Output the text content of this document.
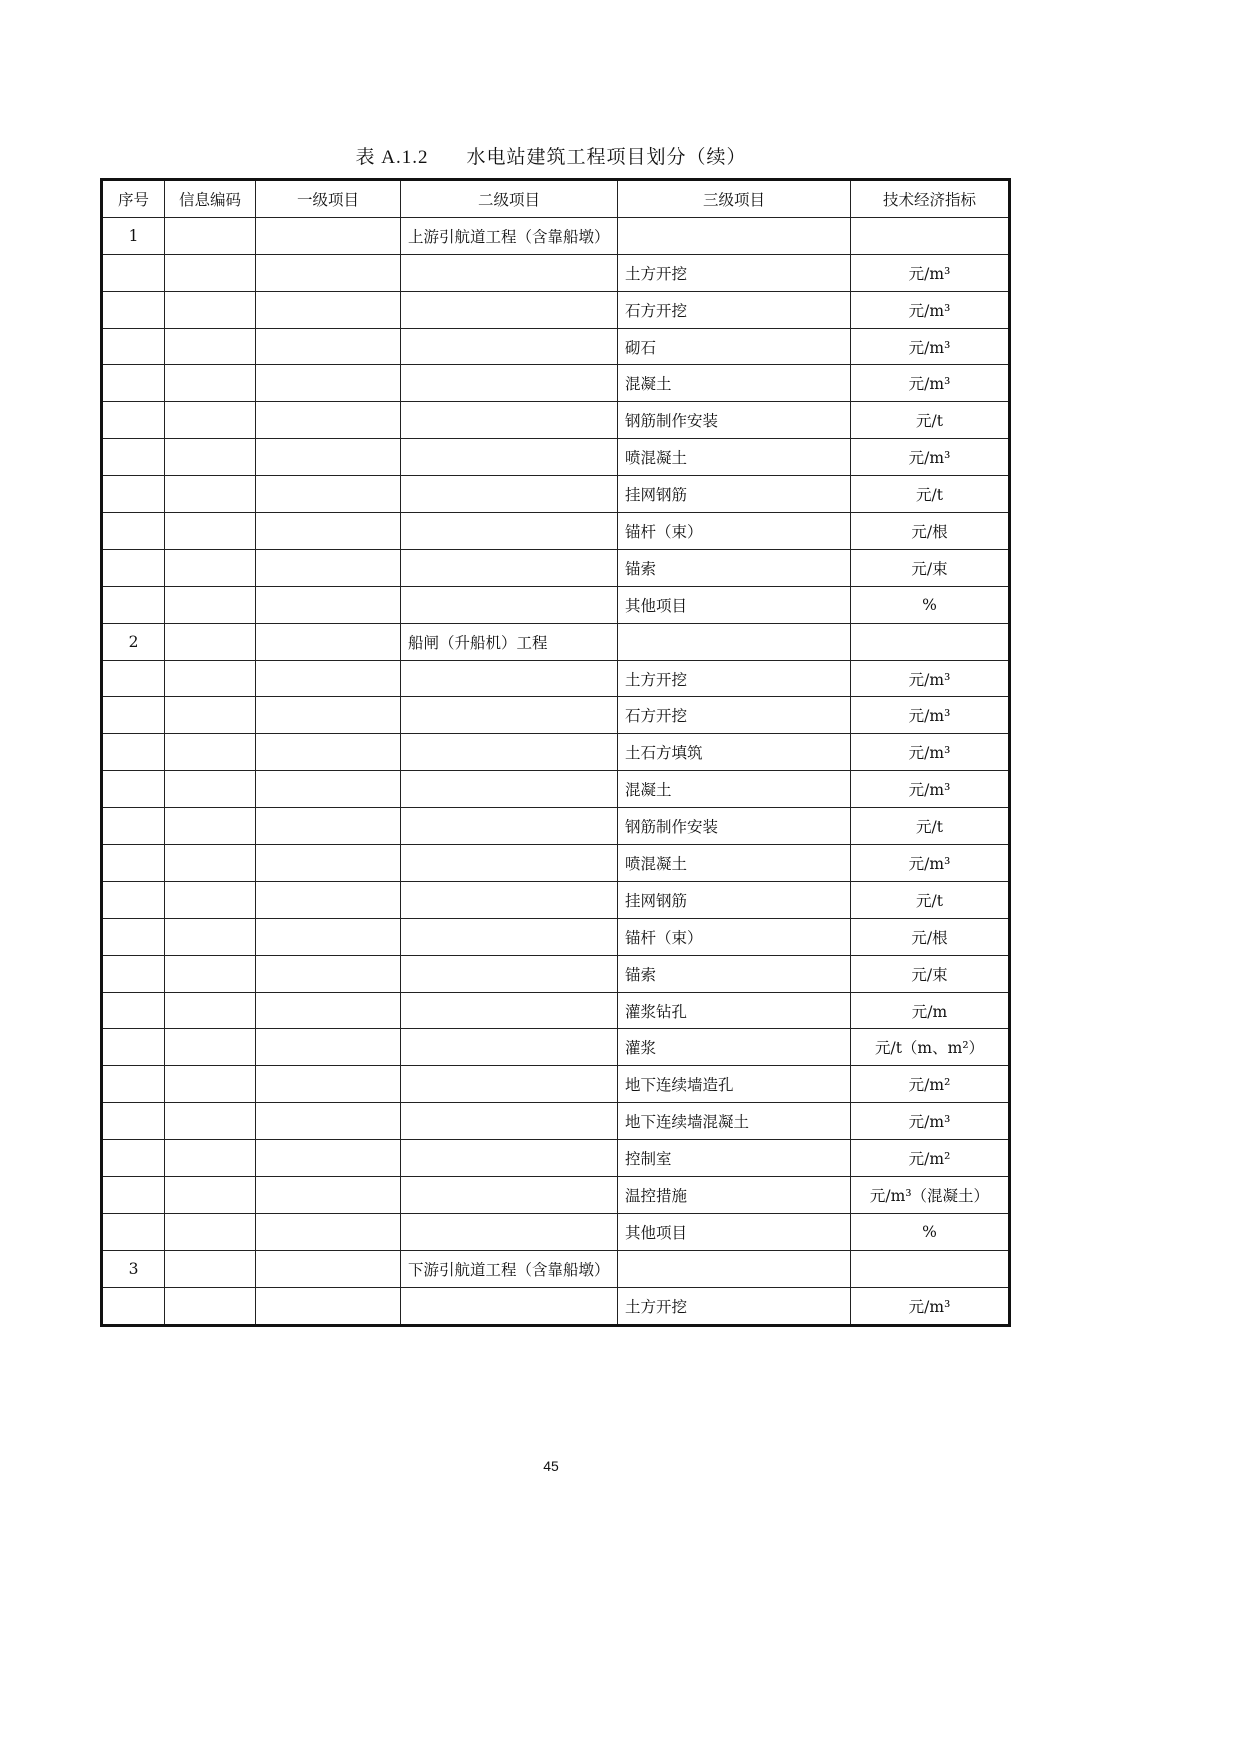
表 A.1.2 水电站建筑工程项目划分（续）
序号	信息编码	一级项目	二级项目	三级项目	技术经济指标
1			上游引航道工程（含靠船墩）		
				土方开挖	元/m³
				石方开挖	元/m³
				砌石	元/m³
				混凝土	元/m³
				钢筋制作安装	元/t
				喷混凝土	元/m³
				挂网钢筋	元/t
				锚杆（束）	元/根
				锚索	元/束
				其他项目	%
2			船闸（升船机）工程		
				土方开挖	元/m³
				石方开挖	元/m³
				土石方填筑	元/m³
				混凝土	元/m³
				钢筋制作安装	元/t
				喷混凝土	元/m³
				挂网钢筋	元/t
				锚杆（束）	元/根
				锚索	元/束
				灌浆钻孔	元/m
				灌浆	元/t（m、m²）
				地下连续墙造孔	元/m²
				地下连续墙混凝土	元/m³
				控制室	元/m²
				温控措施	元/m³（混凝土）
				其他项目	%
3			下游引航道工程（含靠船墩）		
				土方开挖	元/m³
45
